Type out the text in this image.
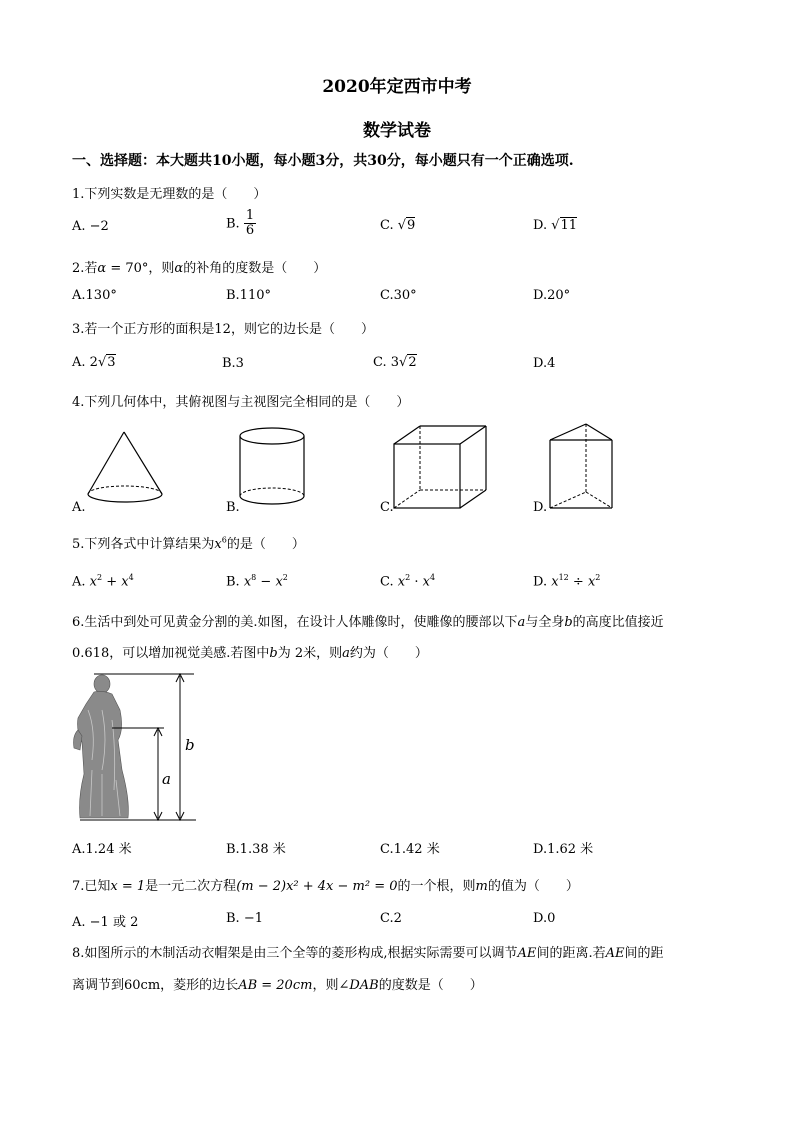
2020年定西市中考
数学试卷
一、选择题：本大题共10小题，每小题3分，共30分，每小题只有一个正确选项.
1.下列实数是无理数的是（　　）
A. −2	B. $\frac{1}{6}$	C. √9	D. √11
2.若α = 70°，则α的补角的度数是（　　）
A.130°	B.110°	C.30°	D.20°
3.若一个正方形的面积是12，则它的边长是（　　）
A. 2√3	B.3	C. 3√2	D.4
4.下列几何体中，其俯视图与主视图完全相同的是（　　）
A.	B.	C.	D.
5.下列各式中计算结果为$x^6$的是（　　）
A. $x^2 + x^4$	B. $x^8 - x^2$	C. $x^2 \cdot x^4$	D. $x^{12} \div x^2$
6.生活中到处可见黄金分割的美.如图，在设计人体雕像时，使雕像的腰部以下a与全身b的高度比值接近
0.618，可以增加视觉美感.若图中b为 2米，则a约为（　　）
b
a
A.1.24 米	B.1.38 米	C.1.42 米	D.1.62 米
7.已知x = 1是一元二次方程(m − 2)x² + 4x − m² = 0的一个根，则m的值为（　　）
A. −1 或 2	B. −1	C.2	D.0
8.如图所示的木制活动衣帽架是由三个全等的菱形构成,根据实际需要可以调节AE间的距离.若AE间的距
离调节到60cm，菱形的边长AB = 20cm，则∠DAB的度数是（　　）
